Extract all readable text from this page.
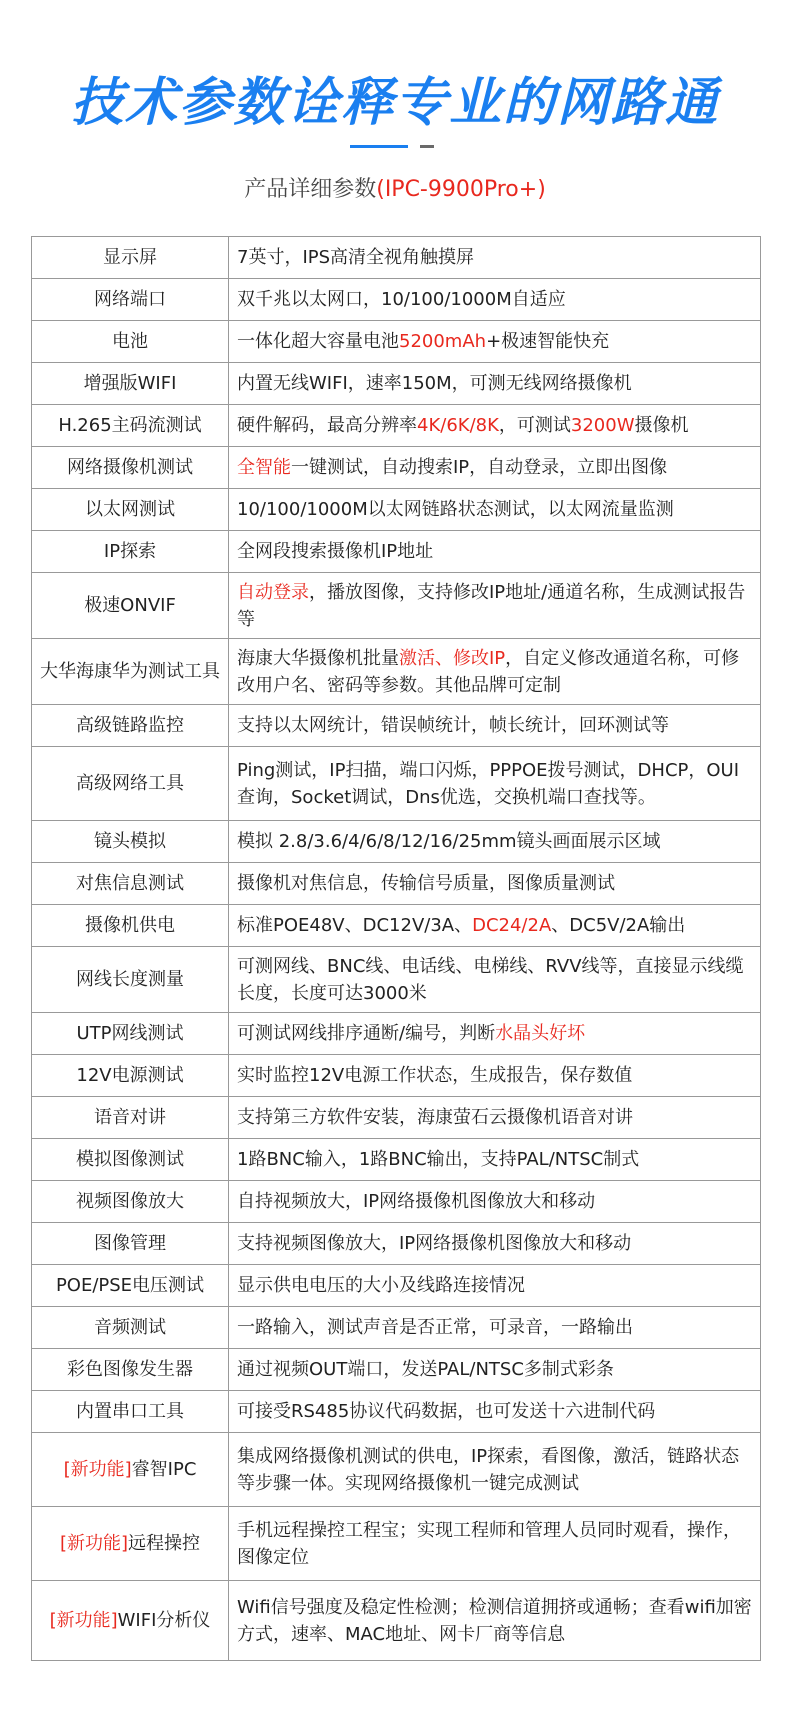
技术参数诠释专业的网路通
产品详细参数(IPC-9900Pro+)
显示屏	7英寸，IPS高清全视角触摸屏
网络端口	双千兆以太网口，10/100/1000M自适应
电池	一体化超大容量电池5200mAh+极速智能快充
增强版WIFI	内置无线WIFI，速率150M，可测无线网络摄像机
H.265主码流测试	硬件解码，最高分辨率4K/6K/8K，可测试3200W摄像机
网络摄像机测试	全智能一键测试，自动搜索IP，自动登录，立即出图像
以太网测试	10/100/1000M以太网链路状态测试，以太网流量监测
IP探索	全网段搜索摄像机IP地址
极速ONVIF	自动登录，播放图像，支持修改IP地址/通道名称，生成测试报告等
大华海康华为测试工具	海康大华摄像机批量激活、修改IP，自定义修改通道名称，可修改用户名、密码等参数。其他品牌可定制
高级链路监控	支持以太网统计，错误帧统计，帧长统计，回环测试等
高级网络工具	Ping测试，IP扫描，端口闪烁，PPPOE拨号测试，DHCP，OUI查询，Socket调试，Dns优选，交换机端口查找等。
镜头模拟	模拟 2.8/3.6/4/6/8/12/16/25mm镜头画面展示区域
对焦信息测试	摄像机对焦信息，传输信号质量，图像质量测试
摄像机供电	标准POE48V、DC12V/3A、DC24/2A、DC5V/2A输出
网线长度测量	可测网线、BNC线、电话线、电梯线、RVV线等，直接显示线缆长度，长度可达3000米
UTP网线测试	可测试网线排序通断/编号，判断水晶头好坏
12V电源测试	实时监控12V电源工作状态，生成报告，保存数值
语音对讲	支持第三方软件安装，海康萤石云摄像机语音对讲
模拟图像测试	1路BNC输入，1路BNC输出，支持PAL/NTSC制式
视频图像放大	自持视频放大，IP网络摄像机图像放大和移动
图像管理	支持视频图像放大，IP网络摄像机图像放大和移动
POE/PSE电压测试	显示供电电压的大小及线路连接情况
音频测试	一路输入，测试声音是否正常，可录音，一路输出
彩色图像发生器	通过视频OUT端口，发送PAL/NTSC多制式彩条
内置串口工具	可接受RS485协议代码数据，也可发送十六进制代码
[新功能]睿智IPC	集成网络摄像机测试的供电，IP探索，看图像，激活，链路状态等步骤一体。实现网络摄像机一键完成测试
[新功能]远程操控	手机远程操控工程宝；实现工程师和管理人员同时观看，操作，图像定位
[新功能]WIFI分析仪	Wifi信号强度及稳定性检测；检测信道拥挤或通畅；查看wifi加密方式，速率、MAC地址、网卡厂商等信息
